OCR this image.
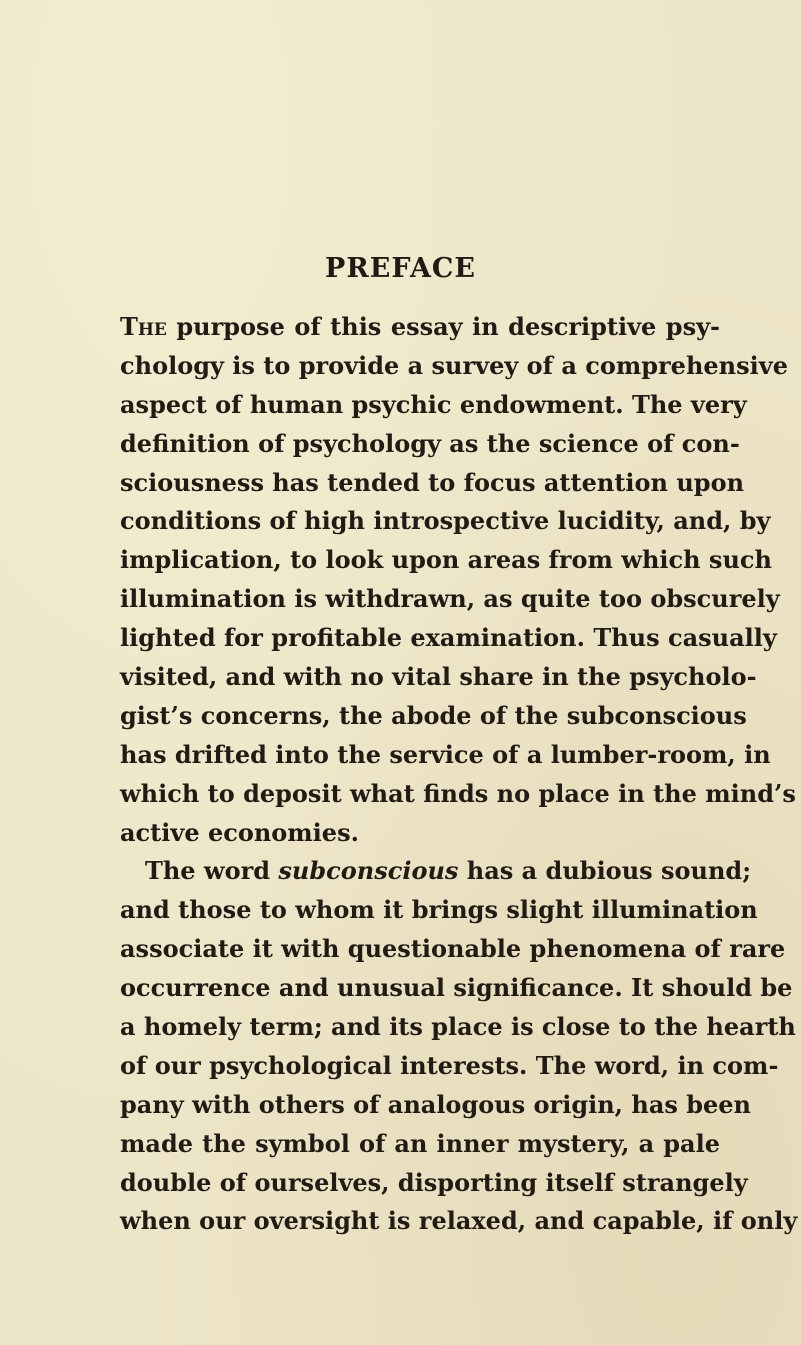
PREFACE
The purpose of this essay in descriptive psy-
chology is to provide a survey of a comprehensive
aspect of human psychic endowment. The very
definition of psychology as the science of con-
sciousness has tended to focus attention upon
conditions of high introspective lucidity, and, by
implication, to look upon areas from which such
illumination is withdrawn, as quite too obscurely
lighted for profitable examination. Thus casually
visited, and with no vital share in the psycholo-
gist’s concerns, the abode of the subconscious
has drifted into the service of a lumber-room, in
which to deposit what finds no place in the mind’s
active economies.
The word subconscious has a dubious sound;
and those to whom it brings slight illumination
associate it with questionable phenomena of rare
occurrence and unusual significance. It should be
a homely term; and its place is close to the hearth
of our psychological interests. The word, in com-
pany with others of analogous origin, has been
made the symbol of an inner mystery, a pale
double of ourselves, disporting itself strangely
when our oversight is relaxed, and capable, if only
